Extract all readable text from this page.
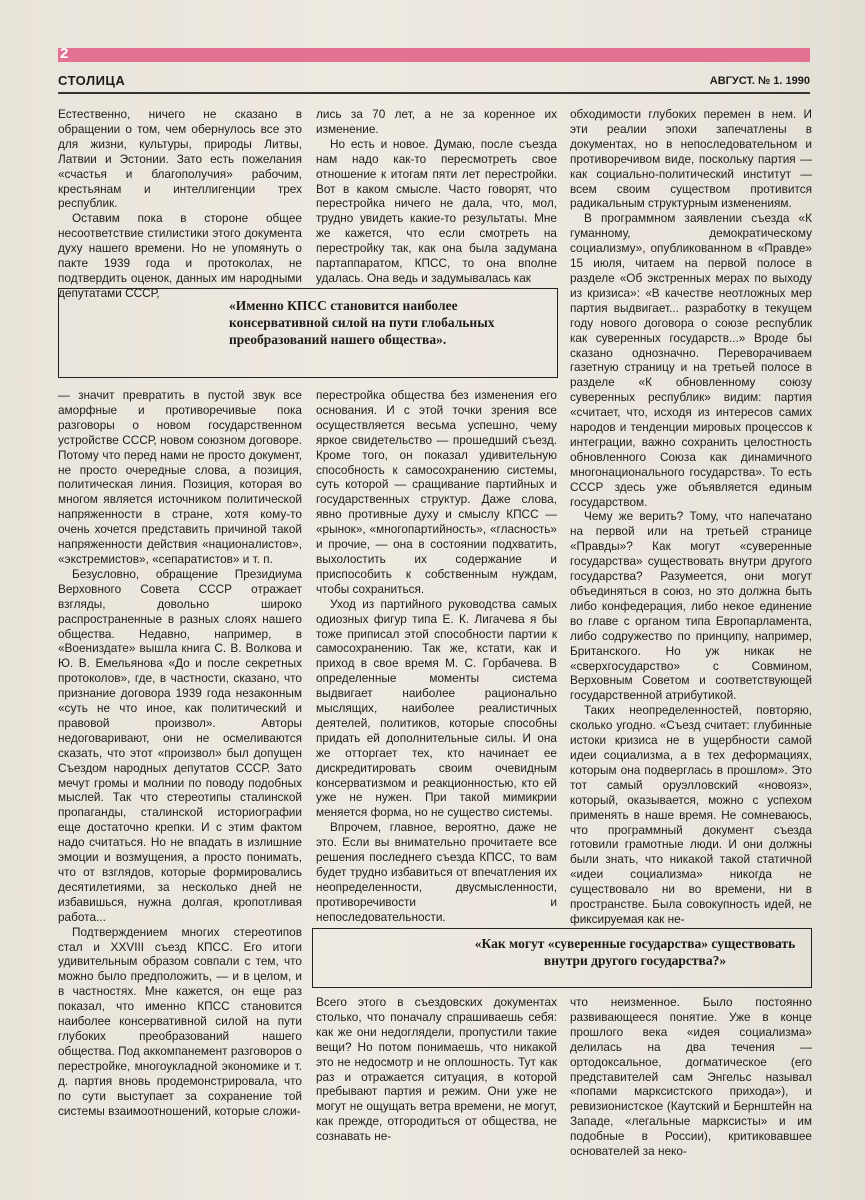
2
СТОЛИЦА	АВГУСТ. № 1. 1990

Естественно, ничего не сказано в обращении о том, чем обернулось все это для жизни, культуры, природы Литвы, Латвии и Эстонии. Зато есть пожелания «счастья и благополучия» рабочим, крестьянам и интеллигенции трех республик.

Оставим пока в стороне общее несоответствие стилистики этого документа духу нашего времени. Но не упомянуть о пакте 1939 года и протоколах, не подтвердить оценок, данных им народными депутатами СССР,

лись за 70 лет, а не за коренное их изменение.

Но есть и новое. Думаю, после съезда нам надо как-то пересмотреть свое отношение к итогам пяти лет перестройки. Вот в каком смысле. Часто говорят, что перестройка ничего не дала, что, мол, трудно увидеть какие-то результаты. Мне же кажется, что если смотреть на перестройку так, как она была задумана партаппаратом, КПСС, то она вполне удалась. Она ведь и задумывалась как

«Именно КПСС становится наиболее консервативной силой на пути глобальных преобразований нашего общества».

обходимости глубоких перемен в нем. И эти реалии эпохи запечатлены в документах, но в непоследовательном и противоречивом виде, поскольку партия — как социально-политический институт — всем своим существом противится радикальным структурным изменениям.

В программном заявлении съезда «К гуманному, демократическому социализму», опубликованном в «Правде» 15 июля, читаем на первой полосе в разделе «Об экстренных мерах по выходу из кризиса»: «В качестве неотложных мер партия выдвигает... разработку в текущем году нового договора о союзе республик как суверенных государств...» Вроде бы сказано однозначно. Переворачиваем газетную страницу и на третьей полосе в разделе «К обновленному союзу суверенных республик» видим: партия «считает, что, исходя из интересов самих народов и тенденции мировых процессов к интеграции, важно сохранить целостность обновленного Союза как динамичного многонационального государства». То есть СССР здесь уже объявляется единым государством.

Чему же верить? Тому, что напечатано на первой или на третьей странице «Правды»? Как могут «суверенные государства» существовать внутри другого государства? Разумеется, они могут объединяться в союз, но это должна быть либо конфедерация, либо некое единение во главе с органом типа Европарламента, либо содружество по принципу, например, Британского. Но уж никак не «сверхгосударство» с Совмином, Верховным Советом и соответствующей государственной атрибутикой.

Таких неопределенностей, повторяю, сколько угодно. «Съезд считает: глубинные истоки кризиса не в ущербности самой идеи социализма, а в тех деформациях, которым она подверглась в прошлом». Это тот самый оруэлловский «новояз», который, оказывается, можно с успехом применять в наше время. Не сомневаюсь, что программный документ съезда готовили грамотные люди. И они должны были знать, что никакой такой статичной «идеи социализма» никогда не существовало ни во времени, ни в пространстве. Была совокупность идей, не фиксируемая как не-

— значит превратить в пустой звук все аморфные и противоречивые пока разговоры о новом государственном устройстве СССР, новом союзном договоре. Потому что перед нами не просто документ, не просто очередные слова, а позиция, политическая линия. Позиция, которая во многом является источником политической напряженности в стране, хотя кому-то очень хочется представить причиной такой напряженности действия «националистов», «экстремистов», «сепаратистов» и т. п.

Безусловно, обращение Президиума Верховного Совета СССР отражает взгляды, довольно широко распространенные в разных слоях нашего общества. Недавно, например, в «Воениздате» вышла книга С. В. Волкова и Ю. В. Емельянова «До и после секретных протоколов», где, в частности, сказано, что признание договора 1939 года незаконным «суть не что иное, как политический и правовой произвол». Авторы недоговаривают, они не осмеливаются сказать, что этот «произвол» был допущен Съездом народных депутатов СССР. Зато мечут громы и молнии по поводу подобных мыслей. Так что стереотипы сталинской пропаганды, сталинской историографии еще достаточно крепки. И с этим фактом надо считаться. Но не впадать в излишние эмоции и возмущения, а просто понимать, что от взглядов, которые формировались десятилетиями, за несколько дней не избавишься, нужна долгая, кропотливая работа...

Подтверждением многих стереотипов стал и XXVIII съезд КПСС. Его итоги удивительным образом совпали с тем, что можно было предположить, — и в целом, и в частностях. Мне кажется, он еще раз показал, что именно КПСС становится наиболее консервативной силой на пути глубоких преобразований нашего общества. Под аккомпанемент разговоров о перестройке, многоукладной экономике и т. д. партия вновь продемонстрировала, что по сути выступает за сохранение той системы взаимоотношений, которые сложи-

перестройка общества без изменения его основания. И с этой точки зрения все осуществляется весьма успешно, чему яркое свидетельство — прошедший съезд. Кроме того, он показал удивительную способность к самосохранению системы, суть которой — сращивание партийных и государственных структур. Даже слова, явно противные духу и смыслу КПСС — «рынок», «многопартийность», «гласность» и прочие, — она в состоянии подхватить, выхолостить их содержание и приспособить к собственным нуждам, чтобы сохраниться.

Уход из партийного руководства самых одиозных фигур типа Е. К. Лигачева я бы тоже приписал этой способности партии к самосохранению. Так же, кстати, как и приход в свое время М. С. Горбачева. В определенные моменты система выдвигает наиболее рационально мыслящих, наиболее реалистичных деятелей, политиков, которые способны придать ей дополнительные силы. И она же отторгает тех, кто начинает ее дискредитировать своим очевидным консерватизмом и реакционностью, кто ей уже не нужен. При такой мимикрии меняется форма, но не существо системы.

Впрочем, главное, вероятно, даже не это. Если вы внимательно прочитаете все решения последнего съезда КПСС, то вам будет трудно избавиться от впечатления их неопределенности, двусмысленности, противоречивости и непоследовательности.

«Как могут «суверенные государства» существовать внутри другого государства?»

Всего этого в съездовских документах столько, что поначалу спрашиваешь себя: как же они недоглядели, пропустили такие вещи? Но потом понимаешь, что никакой это не недосмотр и не оплошность. Тут как раз и отражается ситуация, в которой пребывают партия и режим. Они уже не могут не ощущать ветра времени, не могут, как прежде, отгородиться от общества, не сознавать не-

что неизменное. Было постоянно развивающееся понятие. Уже в конце прошлого века «идея социализма» делилась на два течения — ортодоксальное, догматическое (его представителей сам Энгельс называл «попами марксистского прихода»), и ревизионистское (Каутский и Бернштейн на Западе, «легальные марксисты» и им подобные в России), критиковавшее основателей за неко-
